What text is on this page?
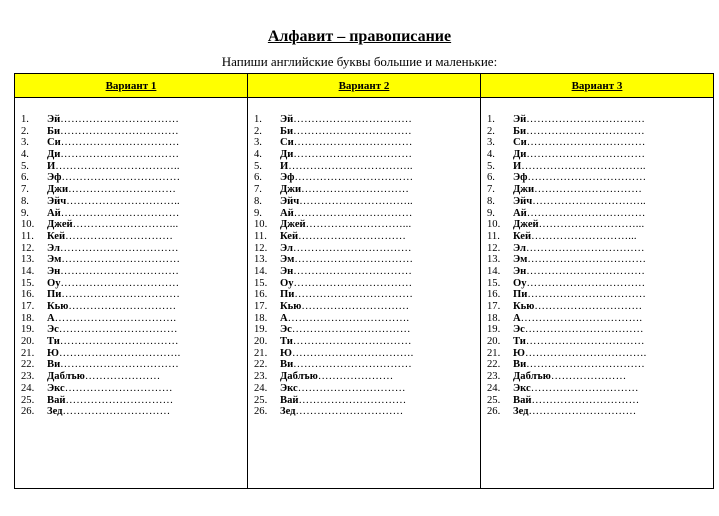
Алфавит – правописание
Напиши английские буквы большие и маленькие:
Вариант 1
1.	Эй ……………………………
2.	Би ……………………………
3.	Си ……………………………
4.	Ди ……………………………
5.	И ……………………………..
6.	Эф ……………………………
7.	Джи …………………………
8.	Эйч …………………………..
9.	Ай ……………………………
10.	Джей ………………………...
11.	Кей …………………………
12.	Эл ……………………………
13.	Эм ……………………………
14.	Эн ……………………………
15.	Оу ……………………………
16.	Пи ……………………………
17.	Кью …………………………
18.	А …………………………….
19.	Эс ……………………………
20.	Ти ……………………………
21.	Ю …………………………….
22.	Ви ……………………………
23.	Даблъю …………………
24.	Экс …………………………
25.	Вай …………………………
26.	Зед …………………………
Вариант 2
1.	Эй ……………………………
2.	Би ……………………………
3.	Си ……………………………
4.	Ди ……………………………
5.	И ……………………………..
6.	Эф ……………………………
7.	Джи …………………………
8.	Эйч …………………………..
9.	Ай ……………………………
10.	Джей ………………………...
11.	Кей …………………………
12.	Эл ……………………………
13.	Эм ……………………………
14.	Эн ……………………………
15.	Оу ……………………………
16.	Пи ……………………………
17.	Кью …………………………
18.	А …………………………….
19.	Эс ……………………………
20.	Ти ……………………………
21.	Ю …………………………….
22.	Ви ……………………………
23.	Даблъю …………………
24.	Экс …………………………
25.	Вай …………………………
26.	Зед …………………………
Вариант 3
1.	Эй ……………………………
2.	Би ……………………………
3.	Си ……………………………
4.	Ди ……………………………
5.	И ……………………………..
6.	Эф ……………………………
7.	Джи …………………………
8.	Эйч …………………………..
9.	Ай ……………………………
10.	Джей ………………………...
11.	Кей ………………………...
12.	Эл ……………………………
13.	Эм ……………………………
14.	Эн ……………………………
15.	Оу ……………………………
16.	Пи ……………………………
17.	Кью …………………………
18.	А …………………………….
19.	Эс ……………………………
20.	Ти ……………………………
21.	Ю …………………………….
22.	Ви ……………………………
23.	Даблъю …………………
24.	Экс …………………………
25.	Вай …………………………
26.	Зед …………………………
